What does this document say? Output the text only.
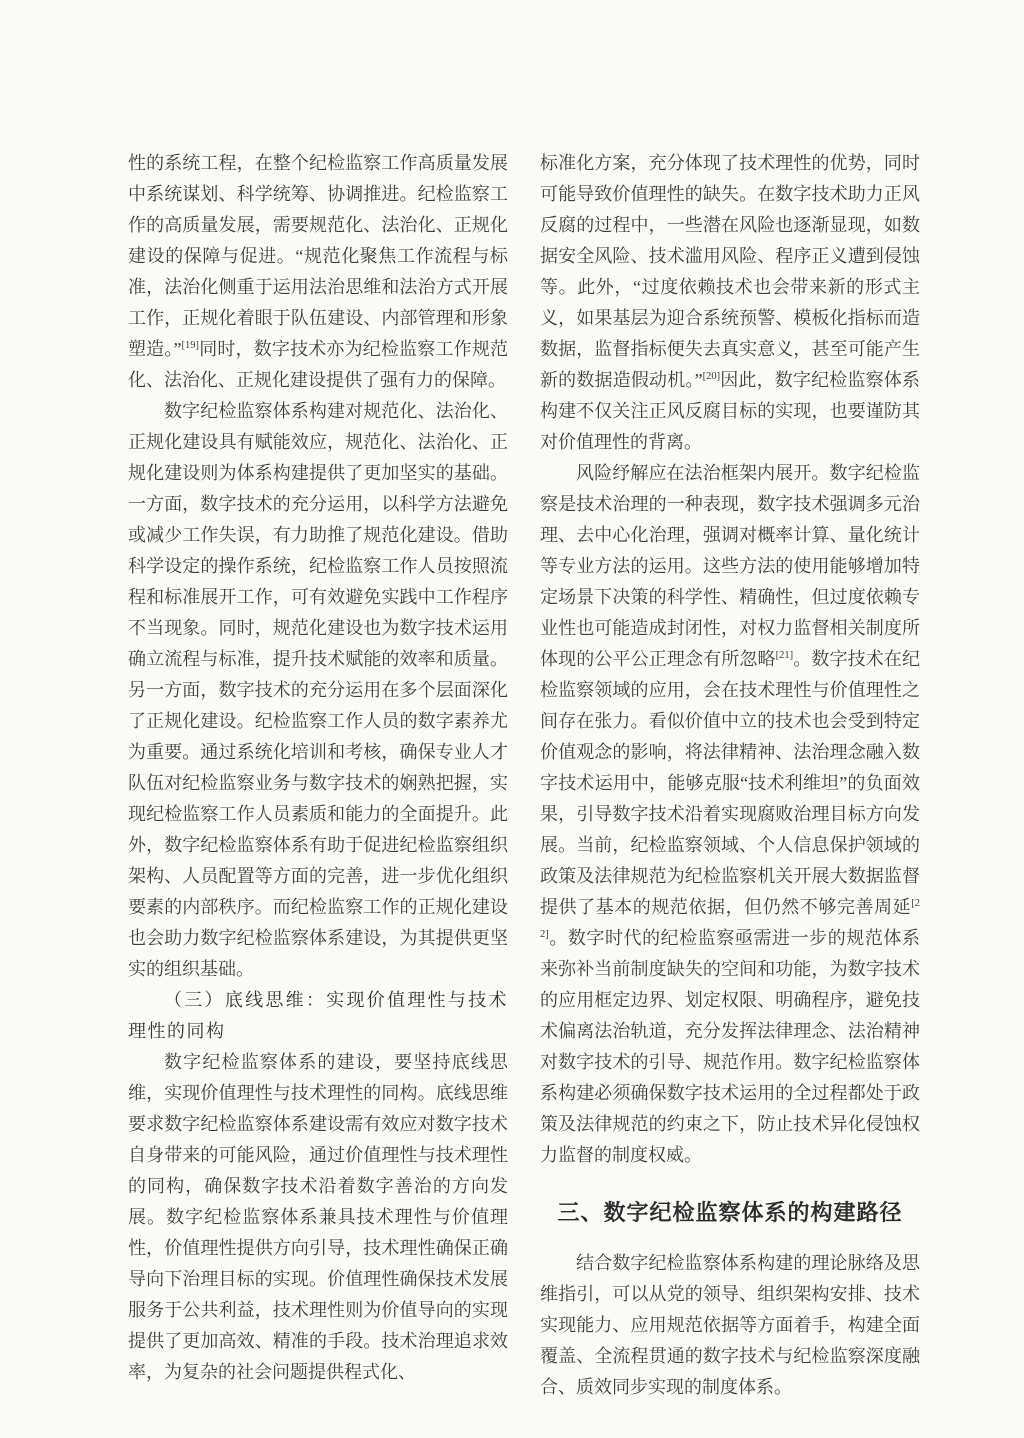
性的系统工程，在整个纪检监察工作高质量发展中系统谋划、科学统筹、协调推进。纪检监察工作的高质量发展，需要规范化、法治化、正规化建设的保障与促进。“规范化聚焦工作流程与标准，法治化侧重于运用法治思维和法治方式开展工作，正规化着眼于队伍建设、内部管理和形象塑造。”[19]同时，数字技术亦为纪检监察工作规范化、法治化、正规化建设提供了强有力的保障。

数字纪检监察体系构建对规范化、法治化、正规化建设具有赋能效应，规范化、法治化、正规化建设则为体系构建提供了更加坚实的基础。一方面，数字技术的充分运用，以科学方法避免或减少工作失误，有力助推了规范化建设。借助科学设定的操作系统，纪检监察工作人员按照流程和标准展开工作，可有效避免实践中工作程序不当现象。同时，规范化建设也为数字技术运用确立流程与标准，提升技术赋能的效率和质量。另一方面，数字技术的充分运用在多个层面深化了正规化建设。纪检监察工作人员的数字素养尤为重要。通过系统化培训和考核，确保专业人才队伍对纪检监察业务与数字技术的娴熟把握，实现纪检监察工作人员素质和能力的全面提升。此外，数字纪检监察体系有助于促进纪检监察组织架构、人员配置等方面的完善，进一步优化组织要素的内部秩序。而纪检监察工作的正规化建设也会助力数字纪检监察体系建设，为其提供更坚实的组织基础。

（三）底线思维：实现价值理性与技术理性的同构

数字纪检监察体系的建设，要坚持底线思维，实现价值理性与技术理性的同构。底线思维要求数字纪检监察体系建设需有效应对数字技术自身带来的可能风险，通过价值理性与技术理性的同构，确保数字技术沿着数字善治的方向发展。数字纪检监察体系兼具技术理性与价值理性，价值理性提供方向引导，技术理性确保正确导向下治理目标的实现。价值理性确保技术发展服务于公共利益，技术理性则为价值导向的实现提供了更加高效、精准的手段。技术治理追求效率，为复杂的社会问题提供程式化、

标准化方案，充分体现了技术理性的优势，同时可能导致价值理性的缺失。在数字技术助力正风反腐的过程中，一些潜在风险也逐渐显现，如数据安全风险、技术滥用风险、程序正义遭到侵蚀等。此外，“过度依赖技术也会带来新的形式主义，如果基层为迎合系统预警、模板化指标而造数据，监督指标便失去真实意义，甚至可能产生新的数据造假动机。”[20]因此，数字纪检监察体系构建不仅关注正风反腐目标的实现，也要谨防其对价值理性的背离。

风险纾解应在法治框架内展开。数字纪检监察是技术治理的一种表现，数字技术强调多元治理、去中心化治理，强调对概率计算、量化统计等专业方法的运用。这些方法的使用能够增加特定场景下决策的科学性、精确性，但过度依赖专业性也可能造成封闭性，对权力监督相关制度所体现的公平公正理念有所忽略[21]。数字技术在纪检监察领域的应用，会在技术理性与价值理性之间存在张力。看似价值中立的技术也会受到特定价值观念的影响，将法律精神、法治理念融入数字技术运用中，能够克服“技术利维坦”的负面效果，引导数字技术沿着实现腐败治理目标方向发展。当前，纪检监察领域、个人信息保护领域的政策及法律规范为纪检监察机关开展大数据监督提供了基本的规范依据，但仍然不够完善周延[22]。数字时代的纪检监察亟需进一步的规范体系来弥补当前制度缺失的空间和功能，为数字技术的应用框定边界、划定权限、明确程序，避免技术偏离法治轨道，充分发挥法律理念、法治精神对数字技术的引导、规范作用。数字纪检监察体系构建必须确保数字技术运用的全过程都处于政策及法律规范的约束之下，防止技术异化侵蚀权力监督的制度权威。

三、数字纪检监察体系的构建路径

结合数字纪检监察体系构建的理论脉络及思维指引，可以从党的领导、组织架构安排、技术实现能力、应用规范依据等方面着手，构建全面覆盖、全流程贯通的数字技术与纪检监察深度融合、质效同步实现的制度体系。
